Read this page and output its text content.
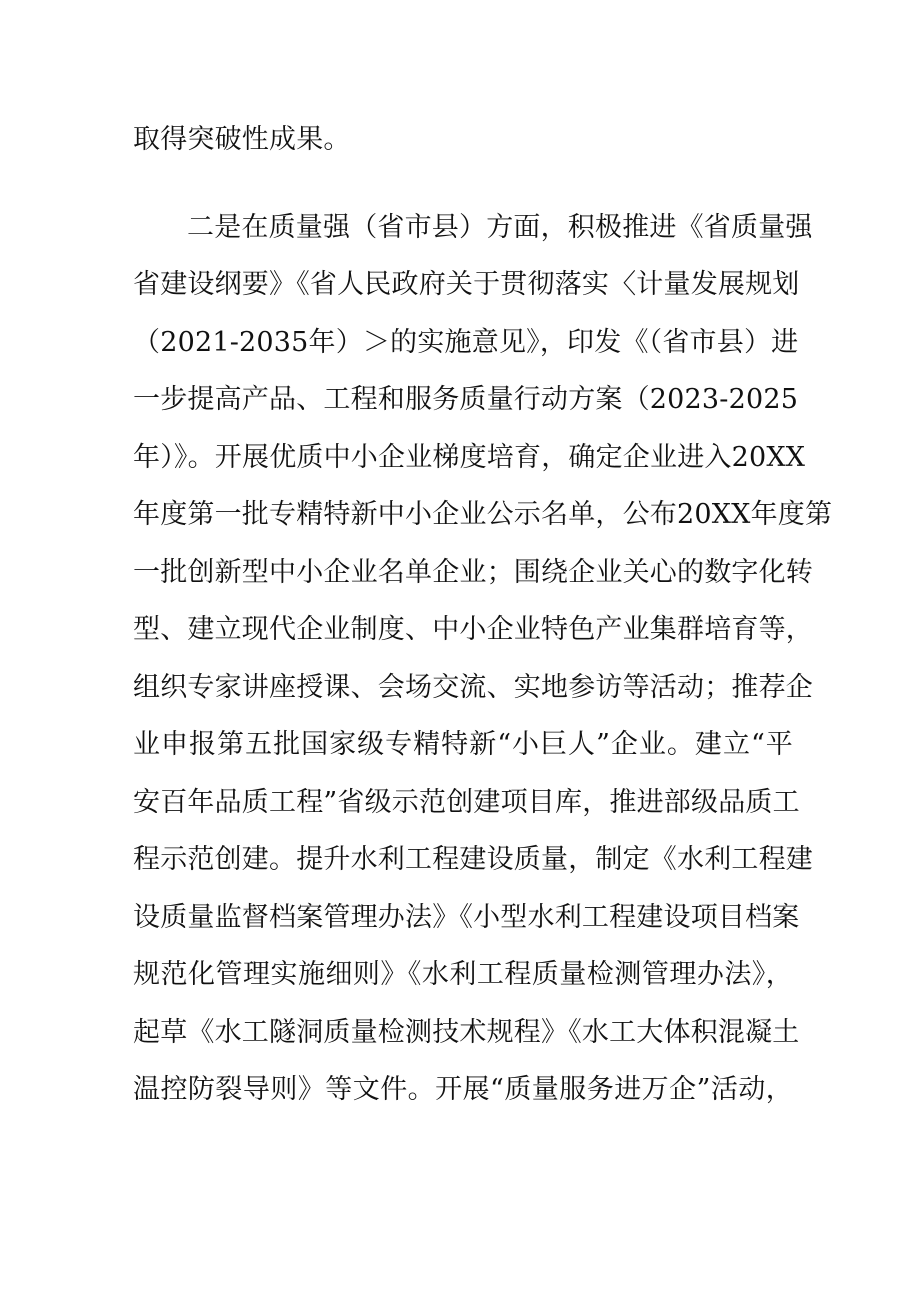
取得突破性成果。
二是在质量强（省市县）方面，积极推进《省质量强
省建设纲要》《省人民政府关于贯彻落实〈计量发展规划
（2021-2035年）＞的实施意见》，印发《（省市县）进
一步提高产品、工程和服务质量行动方案（2023-2025
年）》。开展优质中小企业梯度培育，确定企业进入20XX
年度第一批专精特新中小企业公示名单，公布20XX年度第
一批创新型中小企业名单企业；围绕企业关心的数字化转
型、建立现代企业制度、中小企业特色产业集群培育等，
组织专家讲座授课、会场交流、实地参访等活动；推荐企
业申报第五批国家级专精特新“小巨人”企业。建立“平
安百年品质工程”省级示范创建项目库，推进部级品质工
程示范创建。提升水利工程建设质量，制定《水利工程建
设质量监督档案管理办法》《小型水利工程建设项目档案
规范化管理实施细则》《水利工程质量检测管理办法》，
起草《水工隧洞质量检测技术规程》《水工大体积混凝土
温控防裂导则》等文件。开展“质量服务进万企”活动，
